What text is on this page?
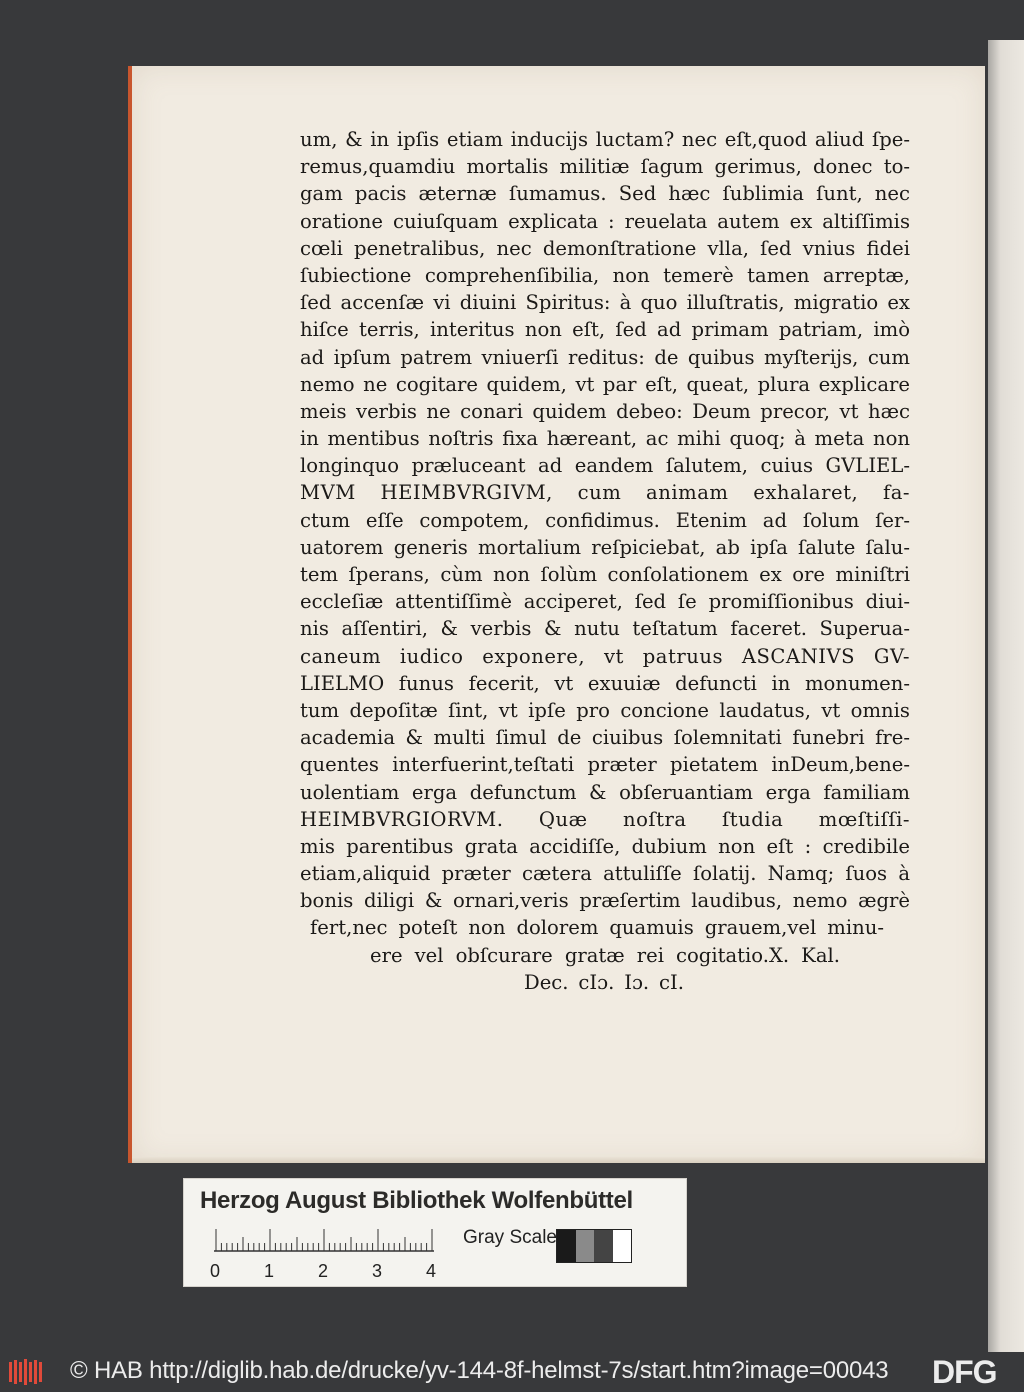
um, & in ipſis etiam inducijs luctam? nec eſt,quod aliud ſpe-
remus,quamdiu mortalis militiæ ſagum gerimus, donec to-
gam pacis æternæ ſumamus. Sed hæc ſublimia ſunt, nec
oratione cuiuſquam explicata : reuelata autem ex altiſſimis
cœli penetralibus, nec demonſtratione vlla, ſed vnius fidei
ſubiectione comprehenſibilia, non temerè tamen arreptæ,
ſed accenſæ vi diuini Spiritus: à quo illuſtratis, migratio ex
hiſce terris, interitus non eſt, ſed ad primam patriam, imò
ad ipſum patrem vniuerſi reditus: de quibus myſterijs, cum
nemo ne cogitare quidem, vt par eſt, queat, plura explicare
meis verbis ne conari quidem debeo: Deum precor, vt hæc
in mentibus noſtris fixa hæreant, ac mihi quoq; à meta non
longinquo præluceant ad eandem ſalutem, cuius GVLIEL-
MVM HEIMBVRGIVM, cum animam exhalaret, fa-
ctum eſſe compotem, confidimus. Etenim ad ſolum ſer-
uatorem generis mortalium reſpiciebat, ab ipſa ſalute ſalu-
tem ſperans, cùm non ſolùm conſolationem ex ore miniſtri
eccleſiæ attentiſſimè acciperet, ſed ſe promiſſionibus diui-
nis aſſentiri, & verbis & nutu teſtatum faceret. Superua-
caneum iudico exponere, vt patruus ASCANIVS GV-
LIELMO funus fecerit, vt exuuiæ defuncti in monumen-
tum depoſitæ ſint, vt ipſe pro concione laudatus, vt omnis
academia & multi ſimul de ciuibus ſolemnitati funebri fre-
quentes interfuerint,teſtati præter pietatem inDeum,bene-
uolentiam erga defunctum & obſeruantiam erga familiam
HEIMBVRGIORVM. Quæ noſtra ſtudia mœſtiſſi-
mis parentibus grata accidiſſe, dubium non eſt : credibile
etiam,aliquid præter cætera attuliſſe ſolatij. Namq; ſuos à
bonis diligi & ornari,veris præſertim laudibus, nemo ægrè
fert,nec poteſt non dolorem quamuis grauem,vel minu-
ere vel obſcurare gratæ rei cogitatio.X. Kal.
Dec. cIɔ. Iɔ. cI.
Herzog August Bibliothek Wolfenbüttel
0 1 2 3 4
Gray Scale
© HAB http://diglib.hab.de/drucke/yv-144-8f-helmst-7s/start.htm?image=00043 DFG
